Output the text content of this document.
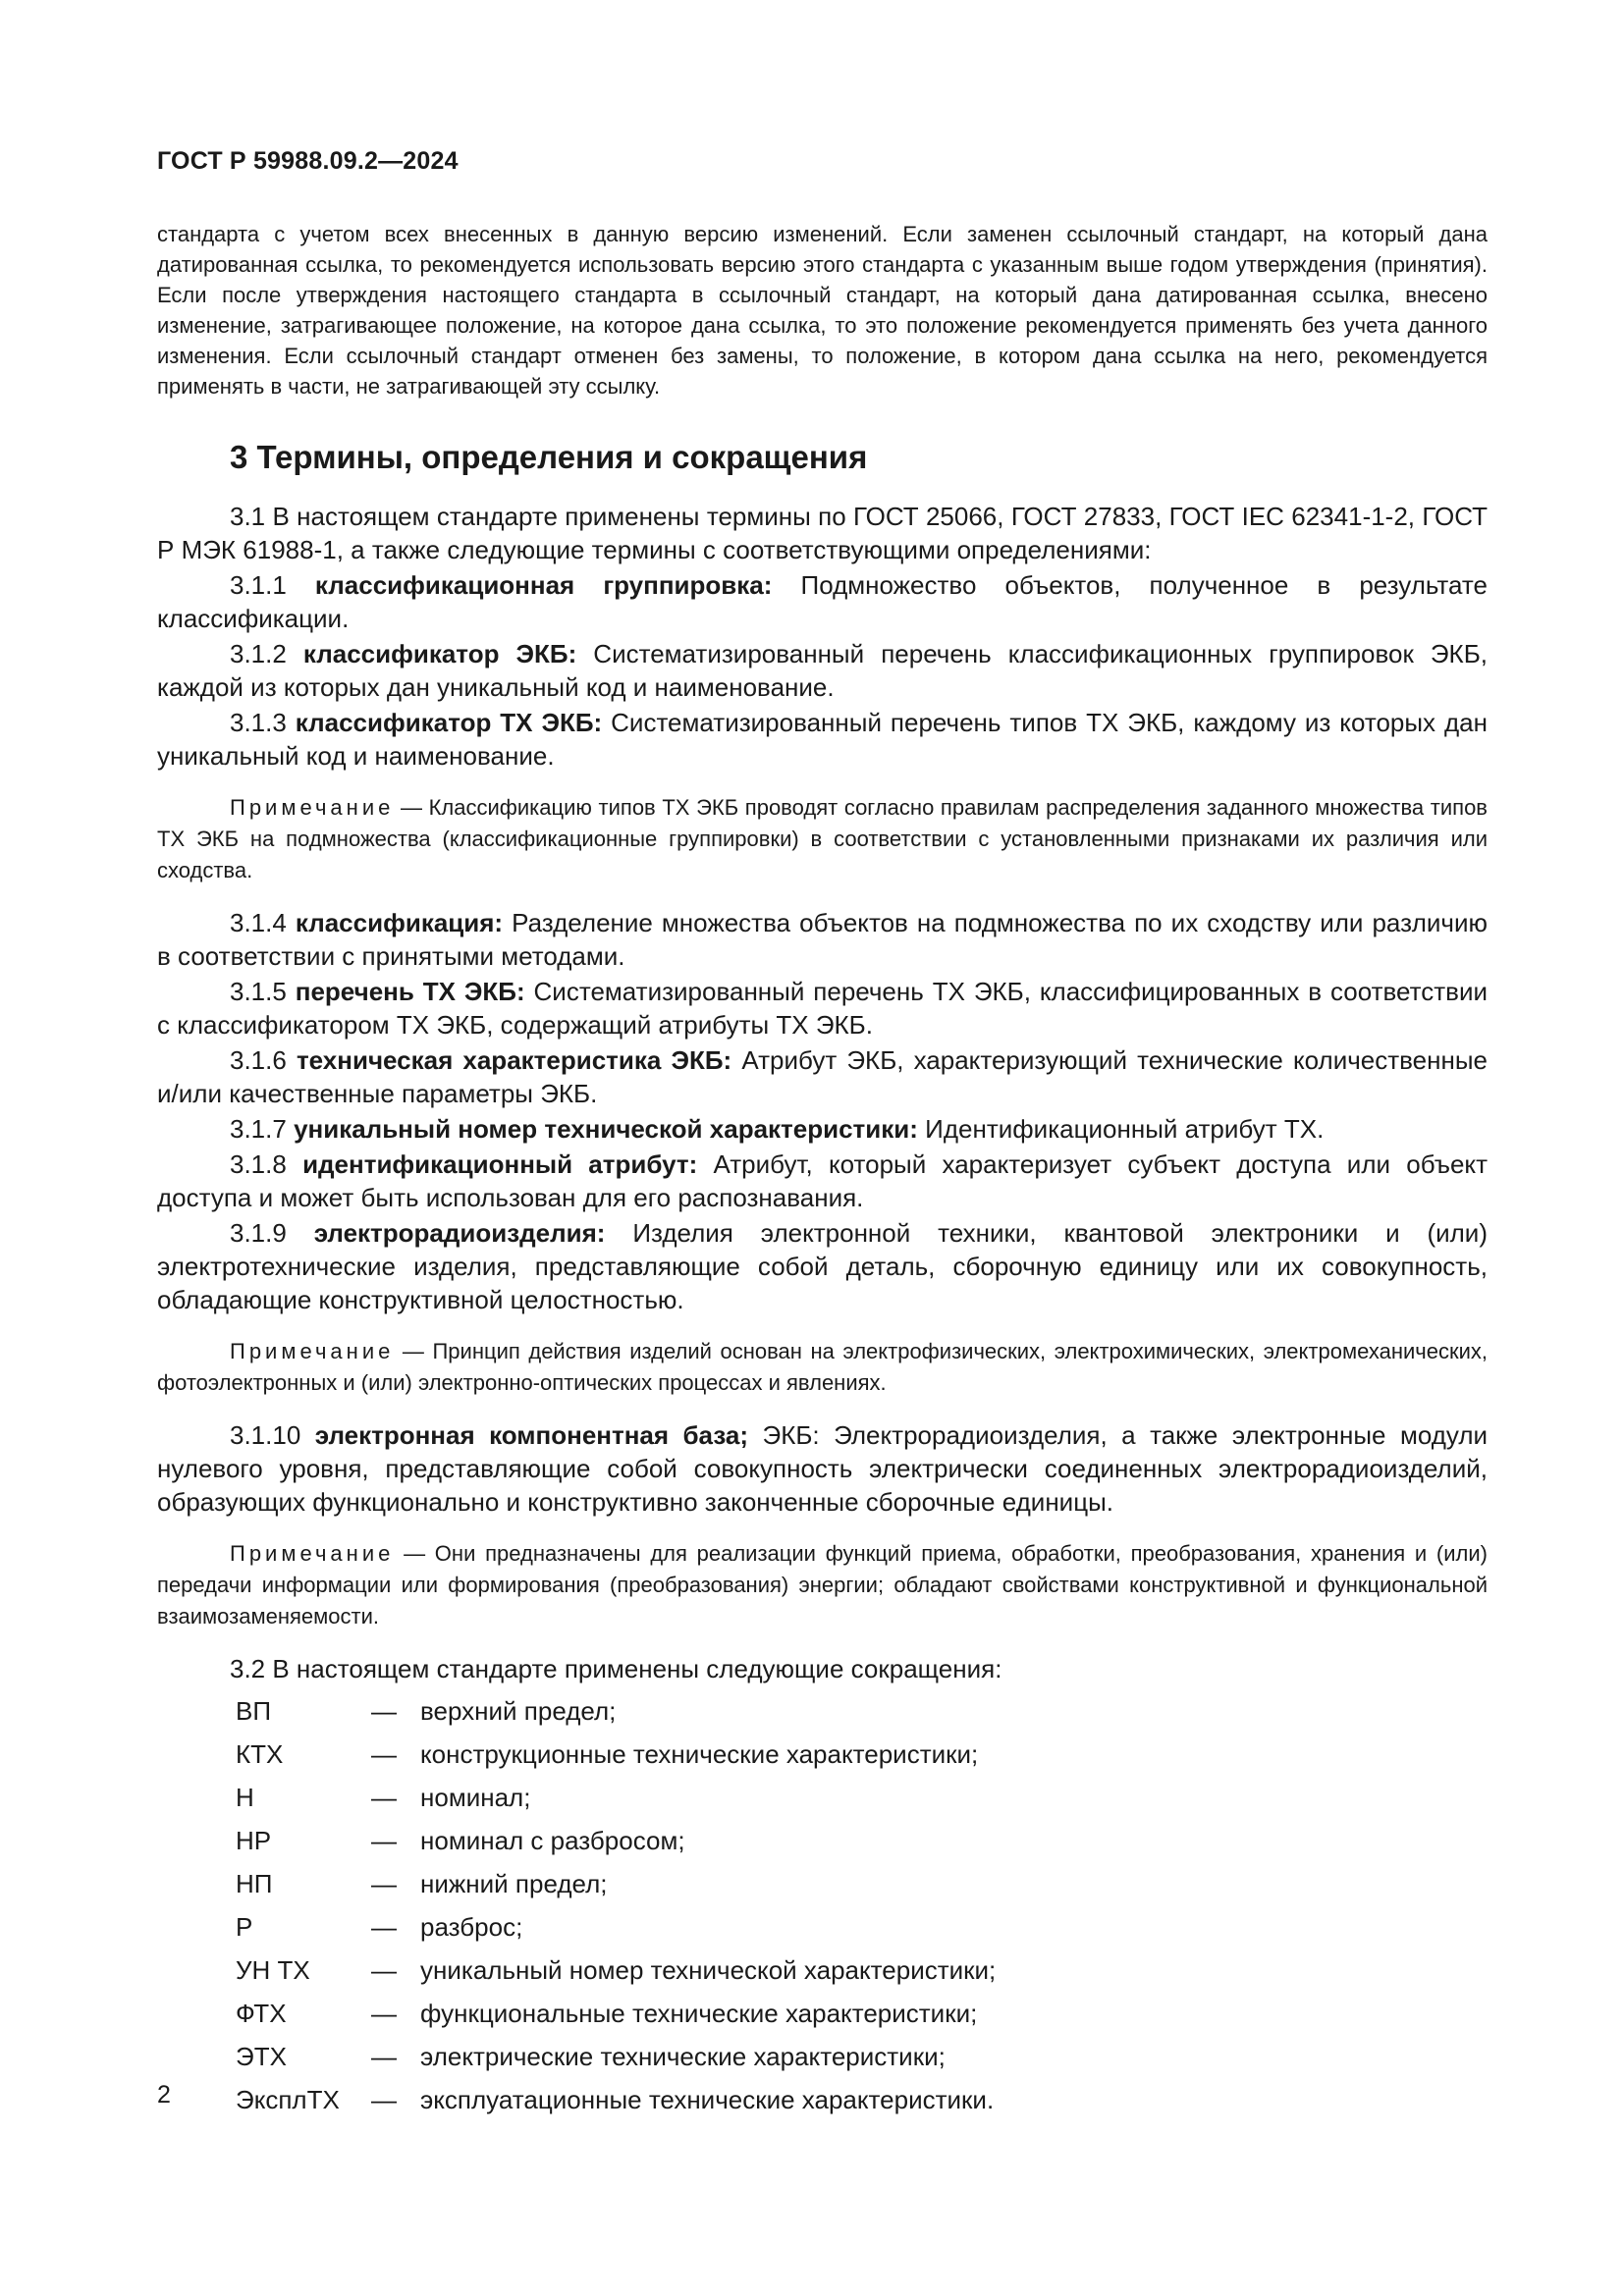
ГОСТ Р 59988.09.2—2024

стандарта с учетом всех внесенных в данную версию изменений. Если заменен ссылочный стандарт, на который дана датированная ссылка, то рекомендуется использовать версию этого стандарта с указанным выше годом утверждения (принятия). Если после утверждения настоящего стандарта в ссылочный стандарт, на который дана датированная ссылка, внесено изменение, затрагивающее положение, на которое дана ссылка, то это положение рекомендуется применять без учета данного изменения. Если ссылочный стандарт отменен без замены, то положение, в котором дана ссылка на него, рекомендуется применять в части, не затрагивающей эту ссылку.

3 Термины, определения и сокращения

3.1 В настоящем стандарте применены термины по ГОСТ 25066, ГОСТ 27833, ГОСТ IEC 62341-1-2, ГОСТ Р МЭК 61988-1, а также следующие термины с соответствующими определениями:

3.1.1 классификационная группировка: Подмножество объектов, полученное в результате классификации.

3.1.2 классификатор ЭКБ: Систематизированный перечень классификационных группировок ЭКБ, каждой из которых дан уникальный код и наименование.

3.1.3 классификатор ТХ ЭКБ: Систематизированный перечень типов ТХ ЭКБ, каждому из которых дан уникальный код и наименование.

Примечание — Классификацию типов ТХ ЭКБ проводят согласно правилам распределения заданного множества типов ТХ ЭКБ на подмножества (классификационные группировки) в соответствии с установленными признаками их различия или сходства.

3.1.4 классификация: Разделение множества объектов на подмножества по их сходству или различию в соответствии с принятыми методами.

3.1.5 перечень ТХ ЭКБ: Систематизированный перечень ТХ ЭКБ, классифицированных в соответствии с классификатором ТХ ЭКБ, содержащий атрибуты ТХ ЭКБ.

3.1.6 техническая характеристика ЭКБ: Атрибут ЭКБ, характеризующий технические количественные и/или качественные параметры ЭКБ.

3.1.7 уникальный номер технической характеристики: Идентификационный атрибут ТХ.

3.1.8 идентификационный атрибут: Атрибут, который характеризует субъект доступа или объект доступа и может быть использован для его распознавания.

3.1.9 электрорадиоизделия: Изделия электронной техники, квантовой электроники и (или) электротехнические изделия, представляющие собой деталь, сборочную единицу или их совокупность, обладающие конструктивной целостностью.

Примечание — Принцип действия изделий основан на электрофизических, электрохимических, электромеханических, фотоэлектронных и (или) электронно-оптических процессах и явлениях.

3.1.10 электронная компонентная база; ЭКБ: Электрорадиоизделия, а также электронные модули нулевого уровня, представляющие собой совокупность электрически соединенных электрорадиоизделий, образующих функционально и конструктивно законченные сборочные единицы.

Примечание — Они предназначены для реализации функций приема, обработки, преобразования, хранения и (или) передачи информации или формирования (преобразования) энергии; обладают свойствами конструктивной и функциональной взаимозаменяемости.

3.2 В настоящем стандарте применены следующие сокращения:

ВП	— верхний предел;
КТХ	— конструкционные технические характеристики;
Н	— номинал;
НР	— номинал с разбросом;
НП	— нижний предел;
Р	— разброс;
УН ТХ	— уникальный номер технической характеристики;
ФТХ	— функциональные технические характеристики;
ЭТХ	— электрические технические характеристики;
ЭксплТХ	— эксплуатационные технические характеристики.
2
